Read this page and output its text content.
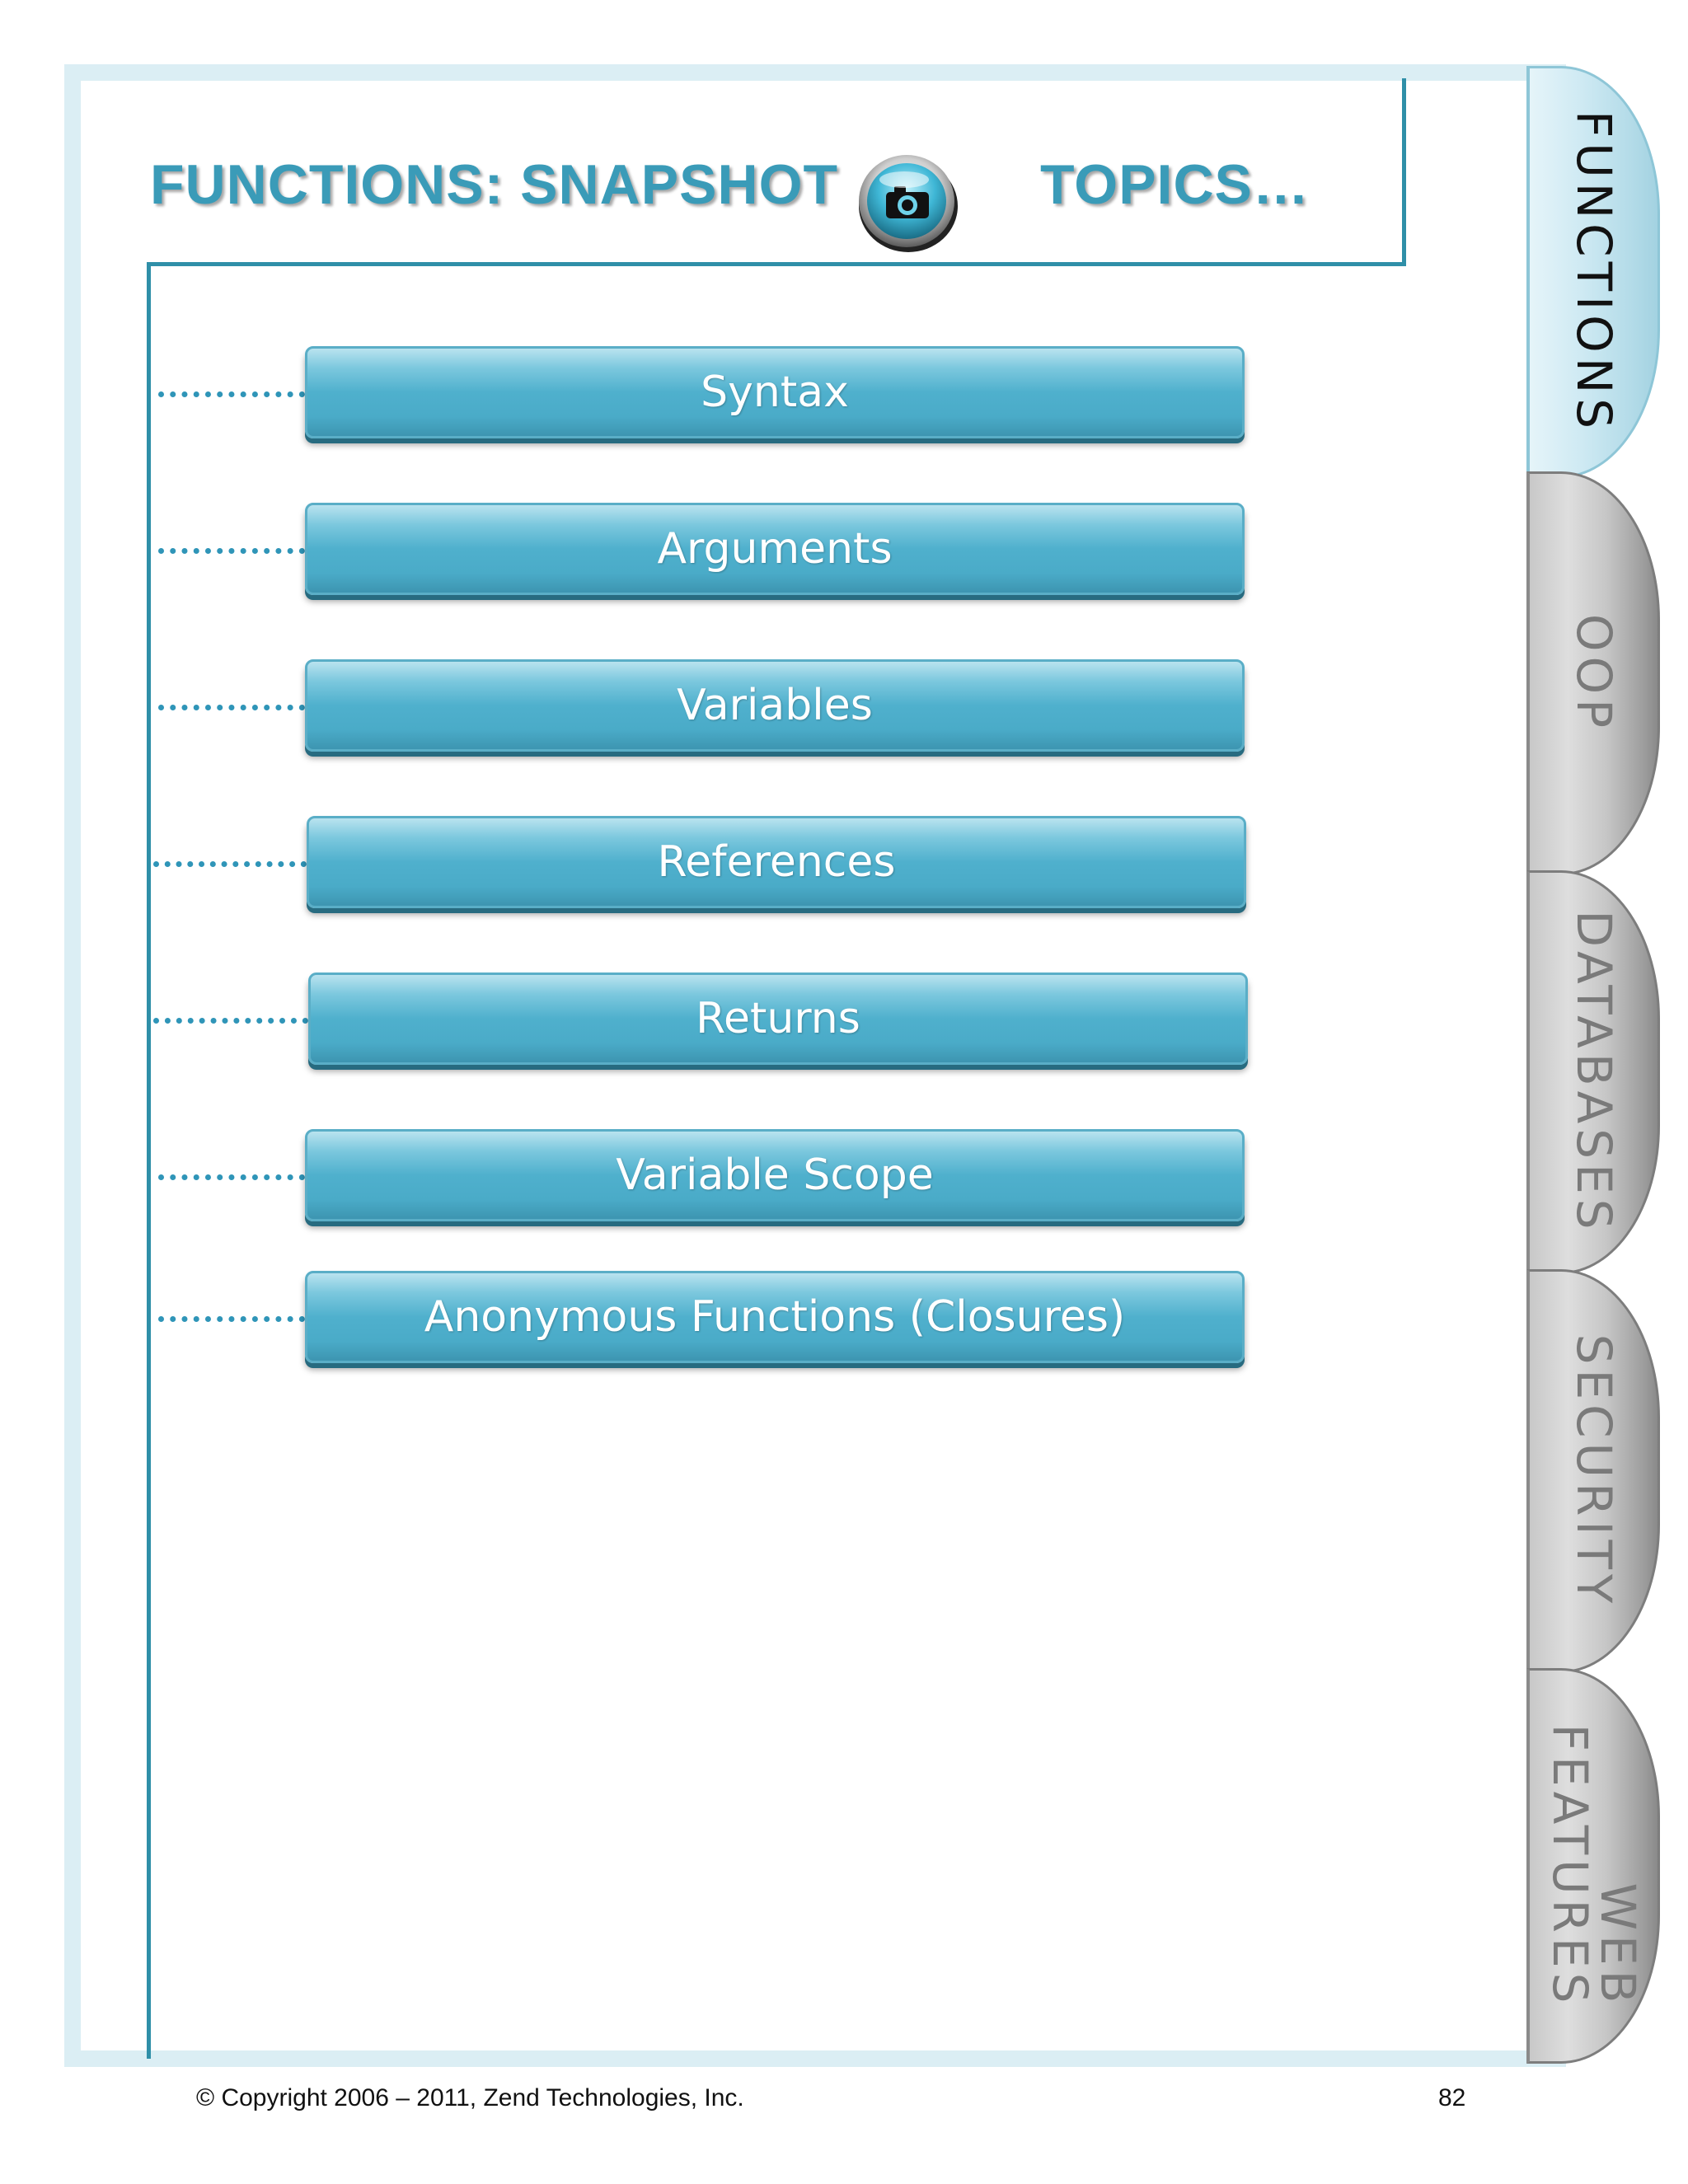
FUNCTIONS: SNAPSHOT	TOPICS…
Syntax
Arguments
Variables
References
Returns
Variable Scope
Anonymous Functions (Closures)
FUNCTIONS
OOP
DATABASES
SECURITY
WEB
FEATURES
© Copyright 2006 – 2011, Zend Technologies, Inc.	82
